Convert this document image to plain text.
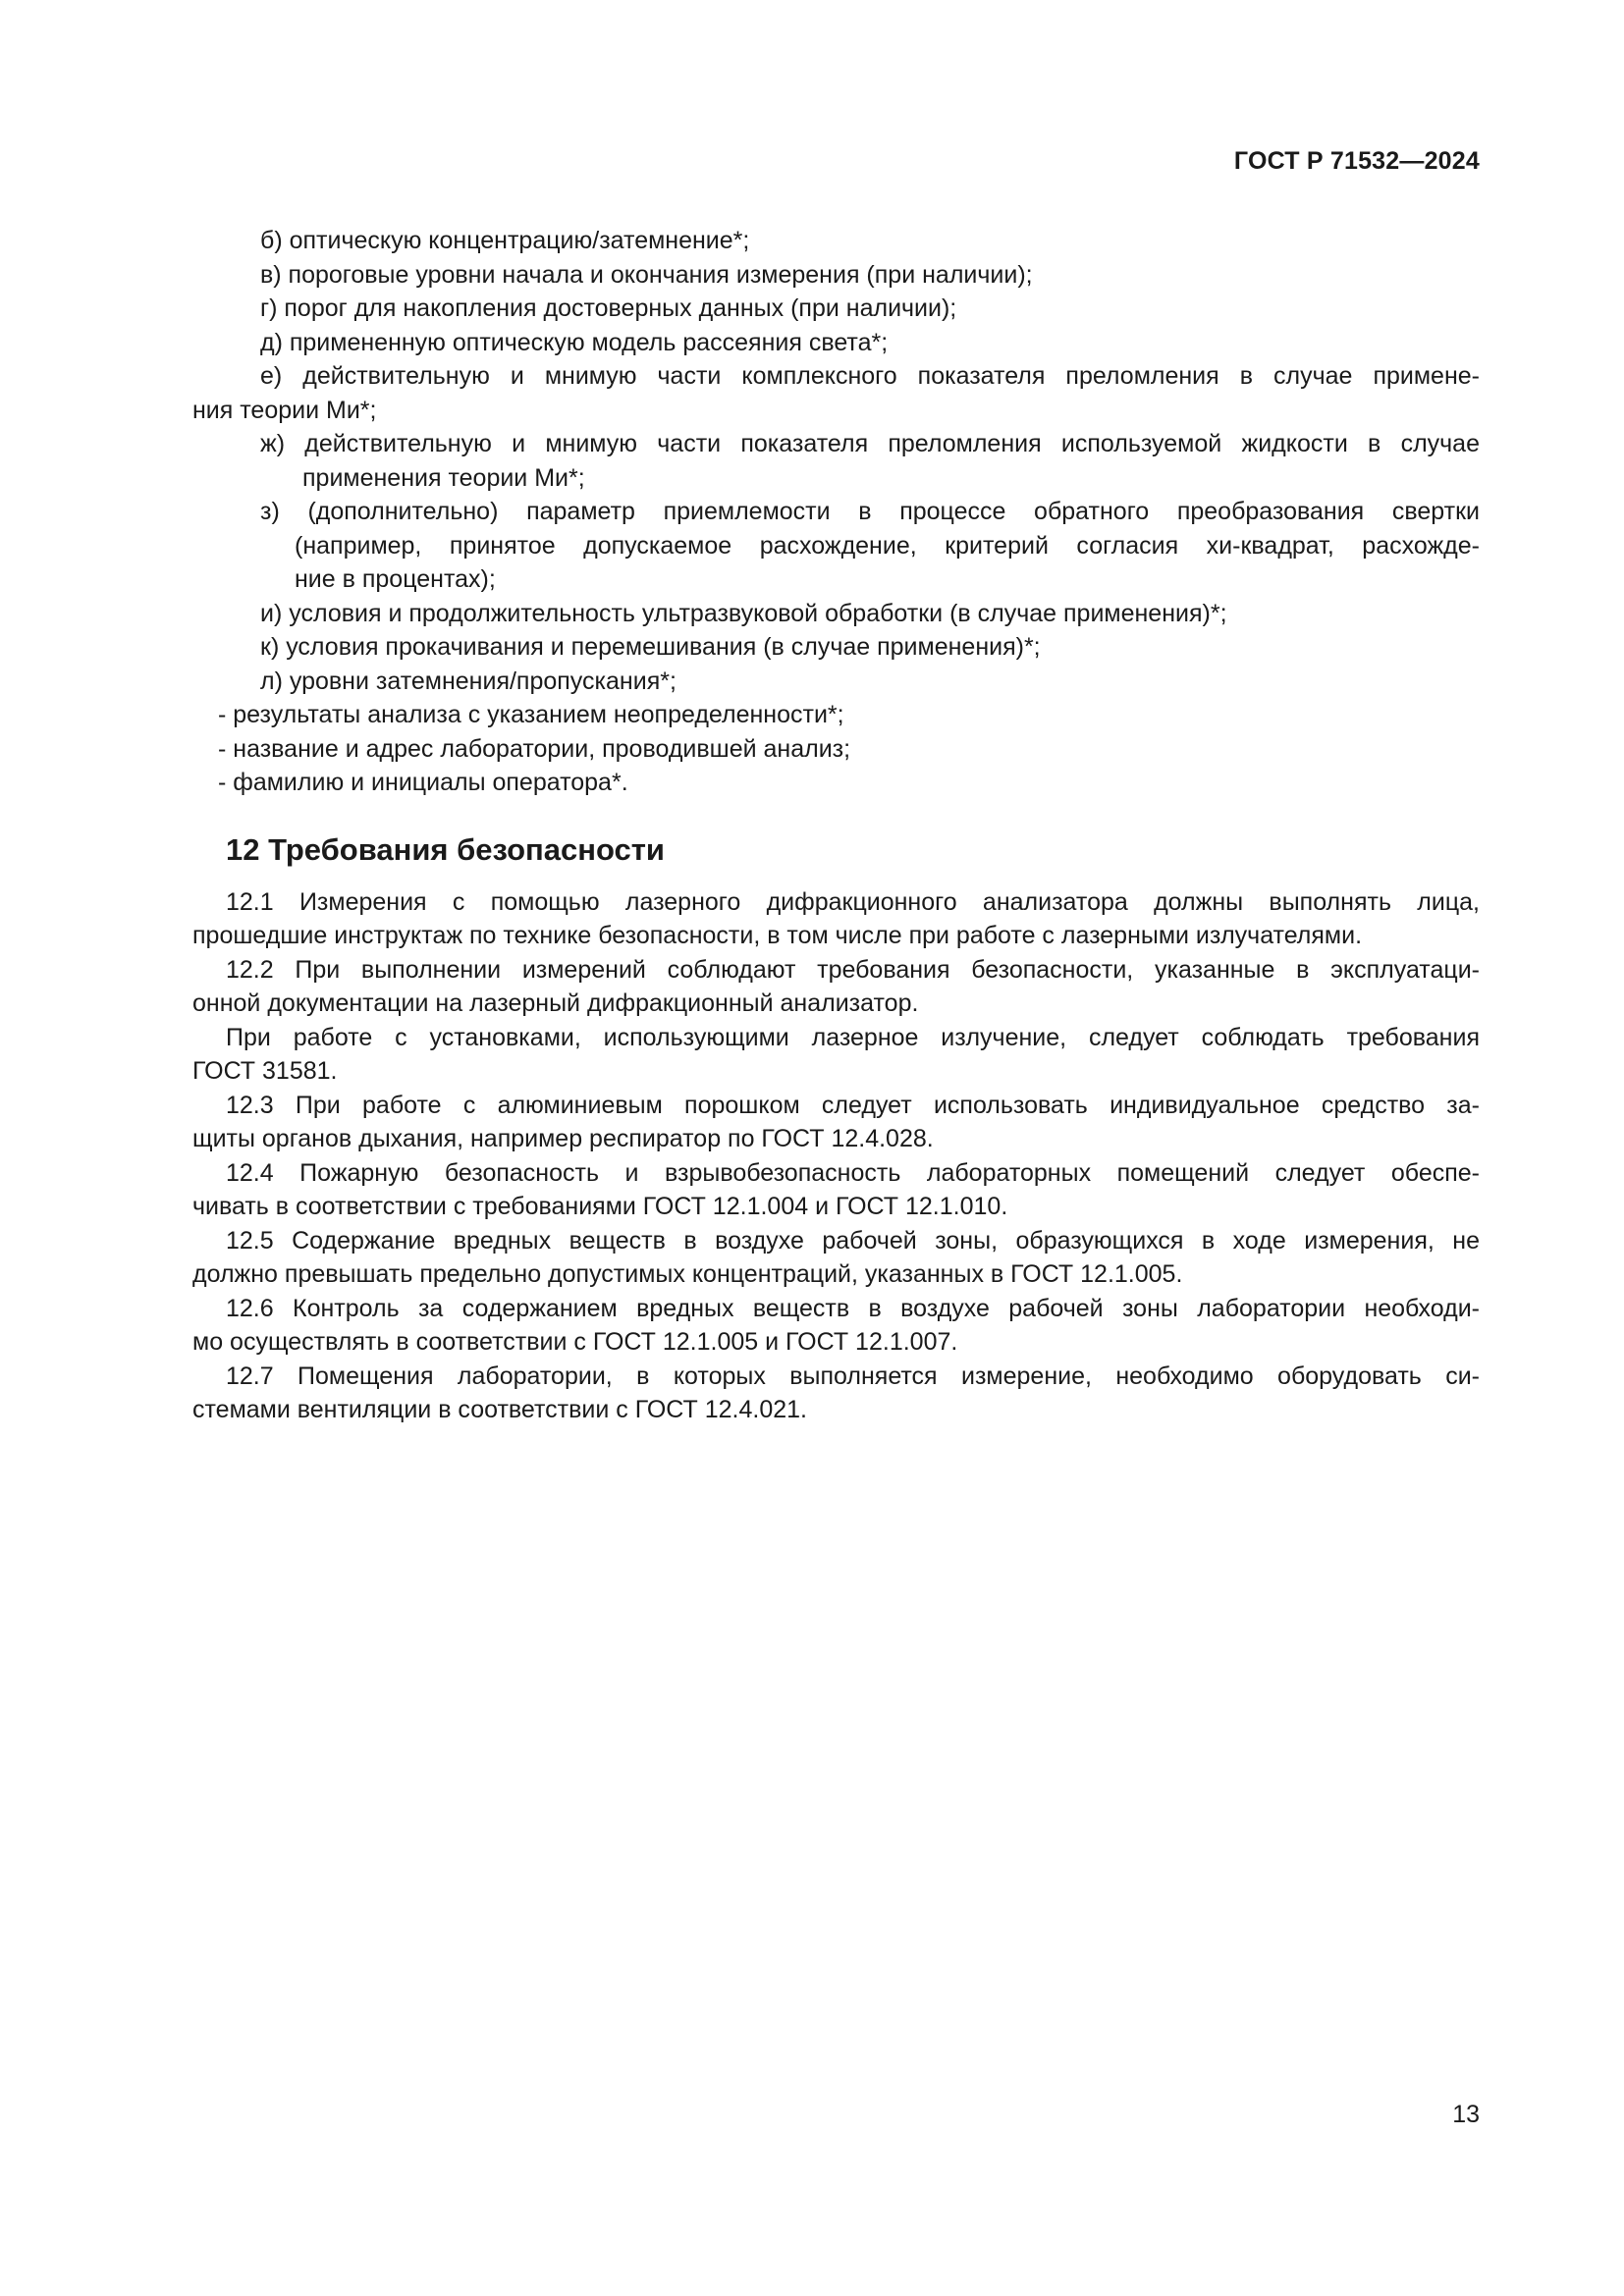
ГОСТ Р 71532—2024
б) оптическую концентрацию/затемнение*;
в) пороговые уровни начала и окончания измерения (при наличии);
г) порог для накопления достоверных данных (при наличии);
д) примененную оптическую модель рассеяния света*;
е) действительную и мнимую части комплексного показателя преломления в случае примене-
ния теории Ми*;
ж) действительную и мнимую части показателя преломления используемой жидкости в случае
применения теории Ми*;
з) (дополнительно) параметр приемлемости в процессе обратного преобразования свертки
(например, принятое допускаемое расхождение, критерий согласия хи-квадрат, расхожде-
ние в процентах);
и) условия и продолжительность ультразвуковой обработки (в случае применения)*;
к) условия прокачивания и перемешивания (в случае применения)*;
л) уровни затемнения/пропускания*;
- результаты анализа с указанием неопределенности*;
- название и адрес лаборатории, проводившей анализ;
- фамилию и инициалы оператора*.
12 Требования безопасности
12.1 Измерения с помощью лазерного дифракционного анализатора должны выполнять лица,
прошедшие инструктаж по технике безопасности, в том числе при работе с лазерными излучателями.
12.2 При выполнении измерений соблюдают требования безопасности, указанные в эксплуатаци-
онной документации на лазерный дифракционный анализатор.
При работе с установками, использующими лазерное излучение, следует соблюдать требования
ГОСТ 31581.
12.3 При работе с алюминиевым порошком следует использовать индивидуальное средство за-
щиты органов дыхания, например респиратор по ГОСТ 12.4.028.
12.4 Пожарную безопасность и взрывобезопасность лабораторных помещений следует обеспе-
чивать в соответствии с требованиями ГОСТ 12.1.004 и ГОСТ 12.1.010.
12.5 Содержание вредных веществ в воздухе рабочей зоны, образующихся в ходе измерения, не
должно превышать предельно допустимых концентраций, указанных в ГОСТ 12.1.005.
12.6 Контроль за содержанием вредных веществ в воздухе рабочей зоны лаборатории необходи-
мо осуществлять в соответствии с ГОСТ 12.1.005 и ГОСТ 12.1.007.
12.7 Помещения лаборатории, в которых выполняется измерение, необходимо оборудовать си-
стемами вентиляции в соответствии с ГОСТ 12.4.021.
13
